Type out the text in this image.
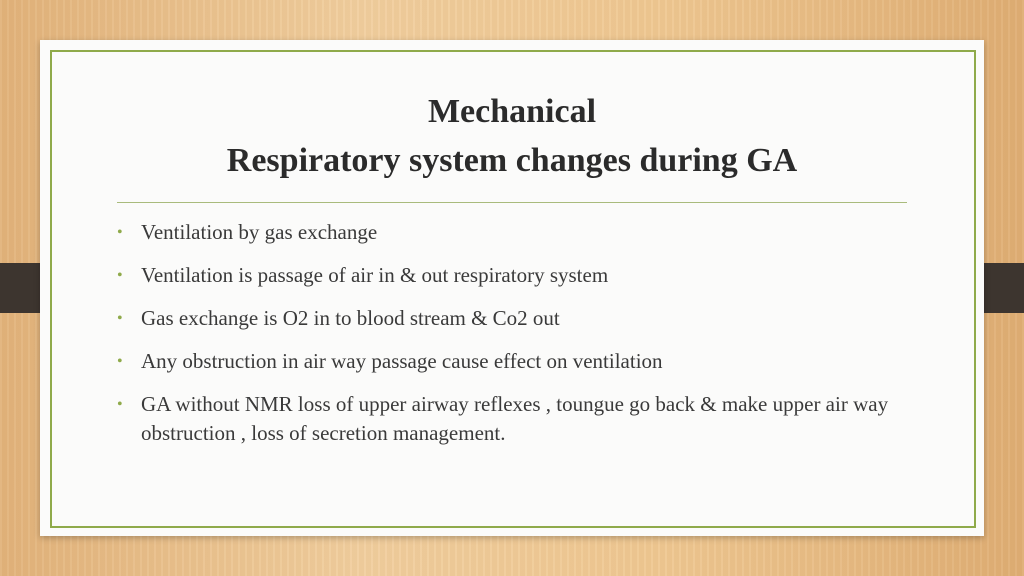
Mechanical
Respiratory system changes during GA
• Ventilation by gas exchange
• Ventilation is passage of air in & out respiratory system
• Gas exchange is O2 in to blood stream & Co2 out
• Any obstruction in air way passage cause effect on ventilation
• GA without NMR loss of upper airway reflexes , toungue go back & make upper air way obstruction , loss of secretion management.
